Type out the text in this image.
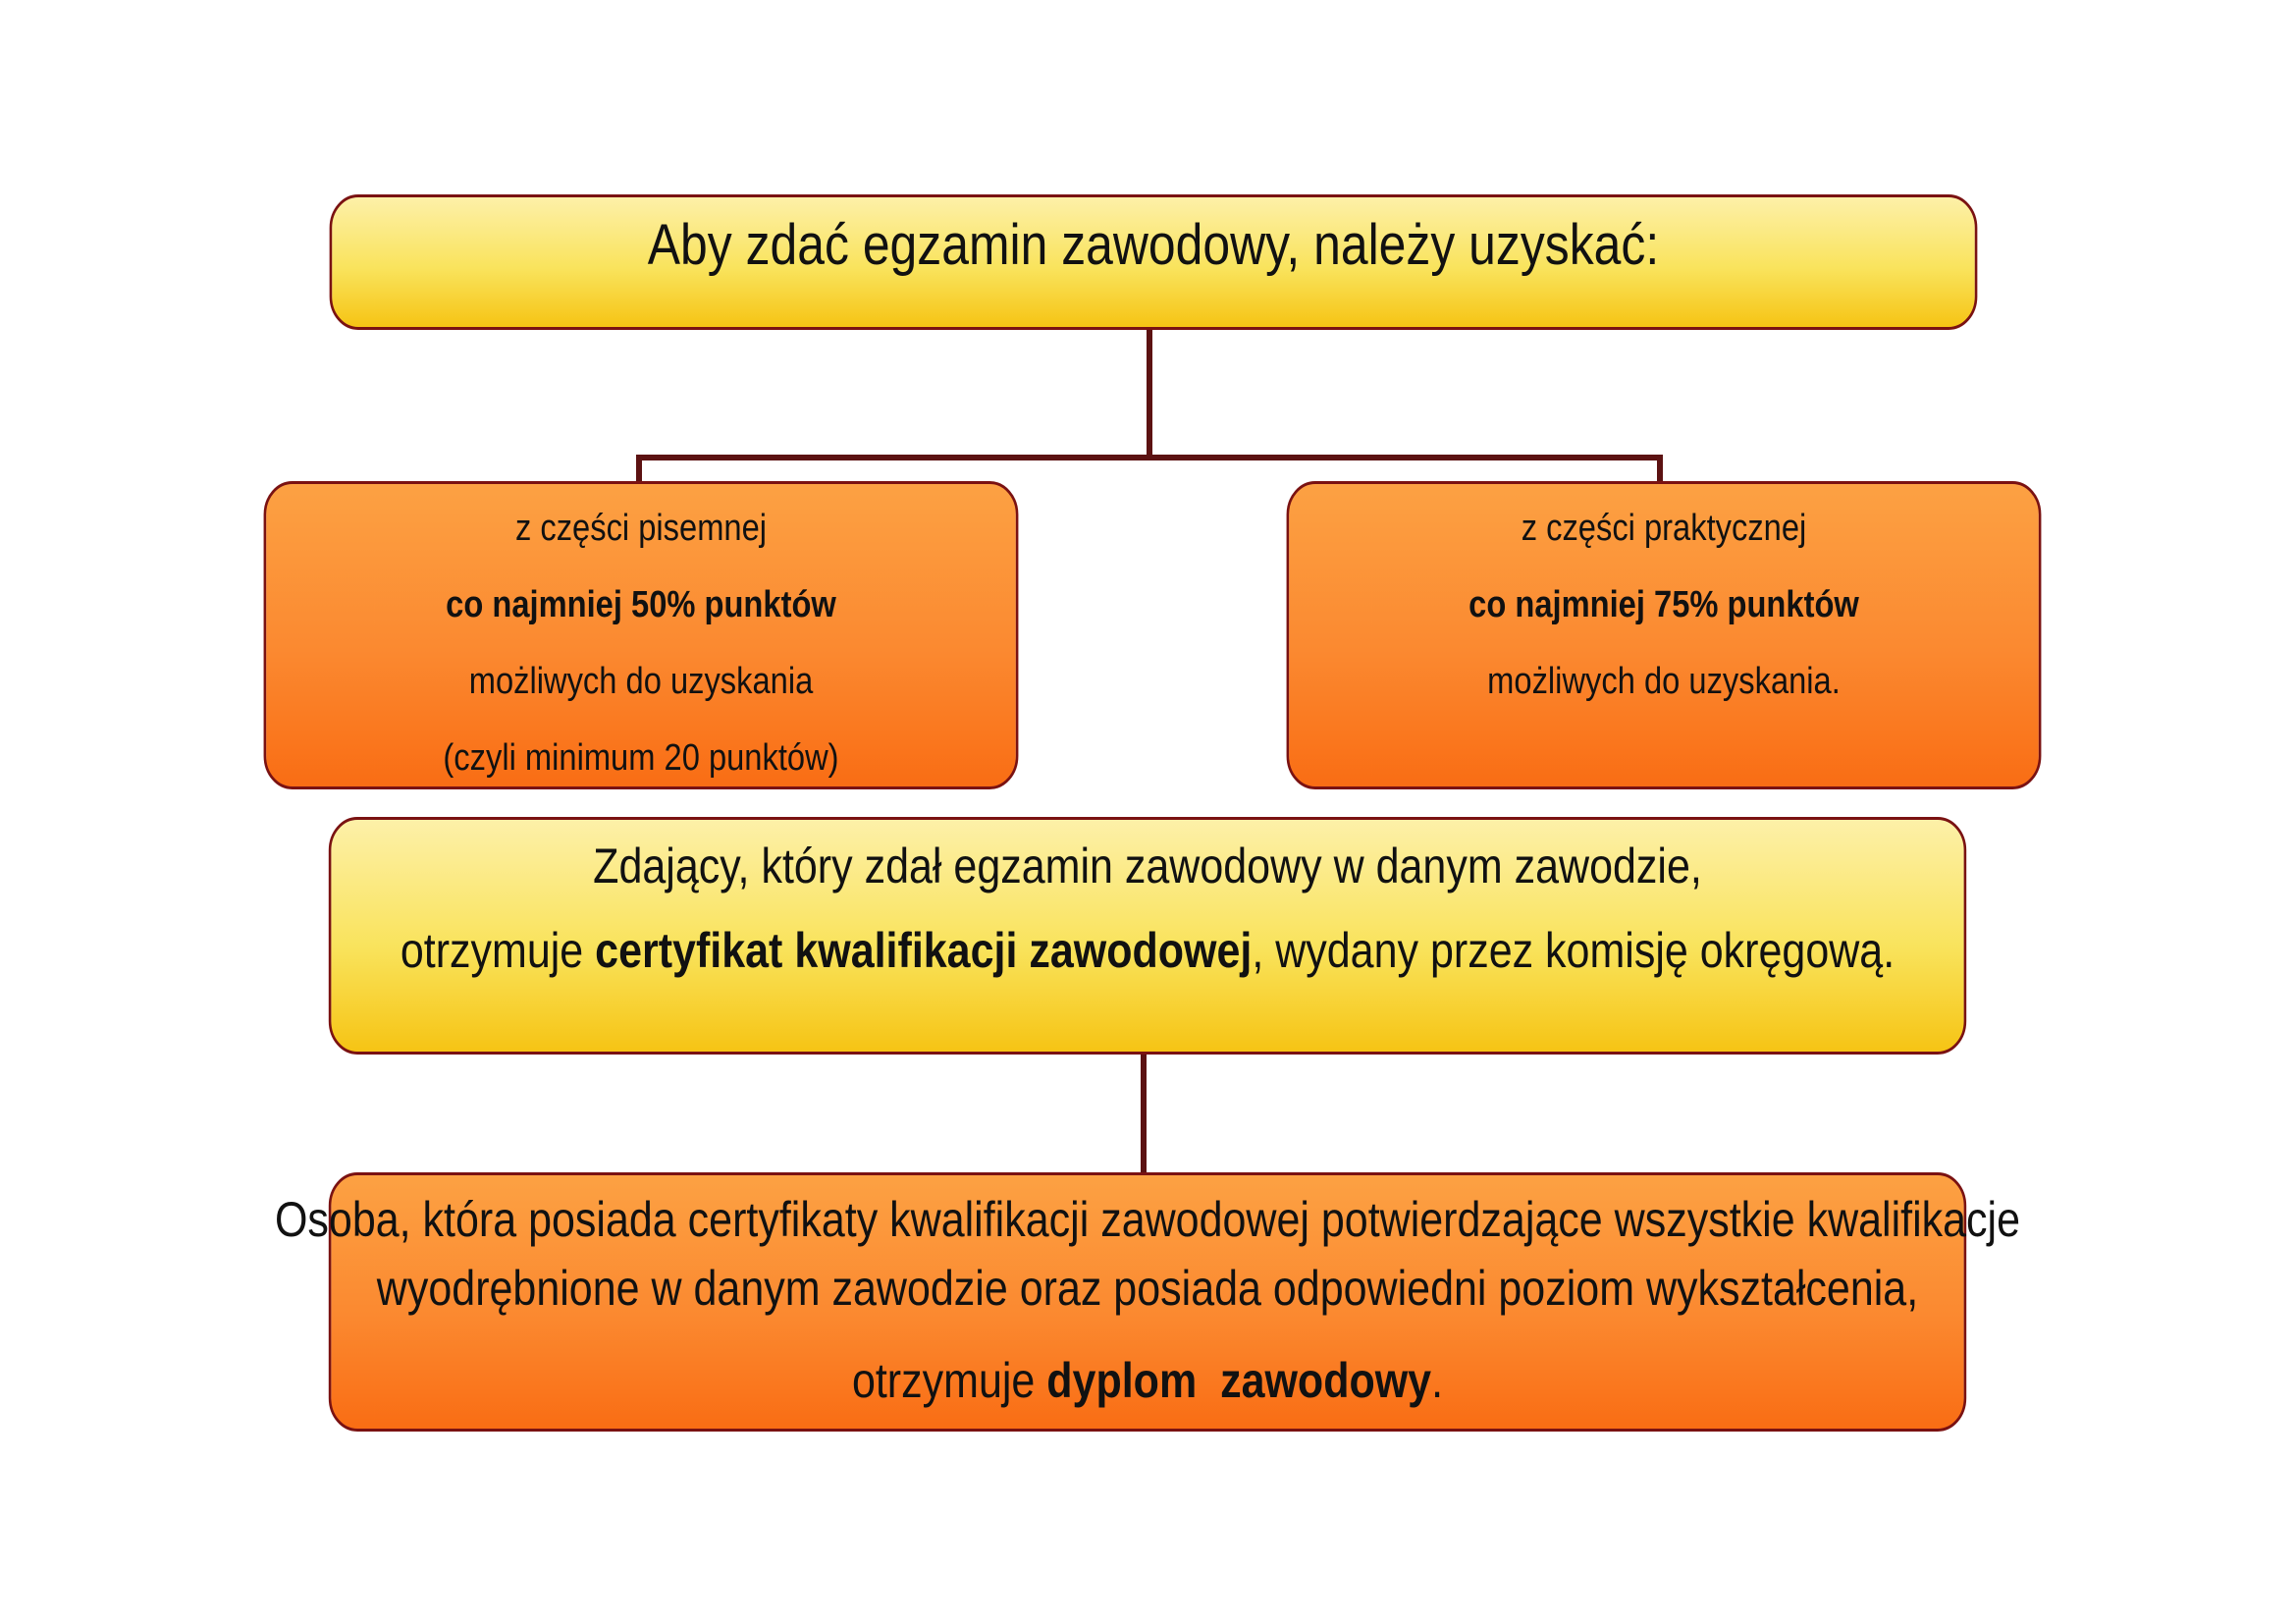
Aby zdać egzamin zawodowy, należy uzyskać:
z części pisemnej
co najmniej 50% punktów
możliwych do uzyskania
(czyli minimum 20 punktów)
z części praktycznej
co najmniej 75% punktów
możliwych do uzyskania.
Zdający, który zdał egzamin zawodowy w danym zawodzie,
otrzymuje certyfikat kwalifikacji zawodowej, wydany przez komisję okręgową.
Osoba, która posiada certyfikaty kwalifikacji zawodowej potwierdzające wszystkie kwalifikacje
wyodrębnione w danym zawodzie oraz posiada odpowiedni poziom wykształcenia,
otrzymuje dyplom  zawodowy.
